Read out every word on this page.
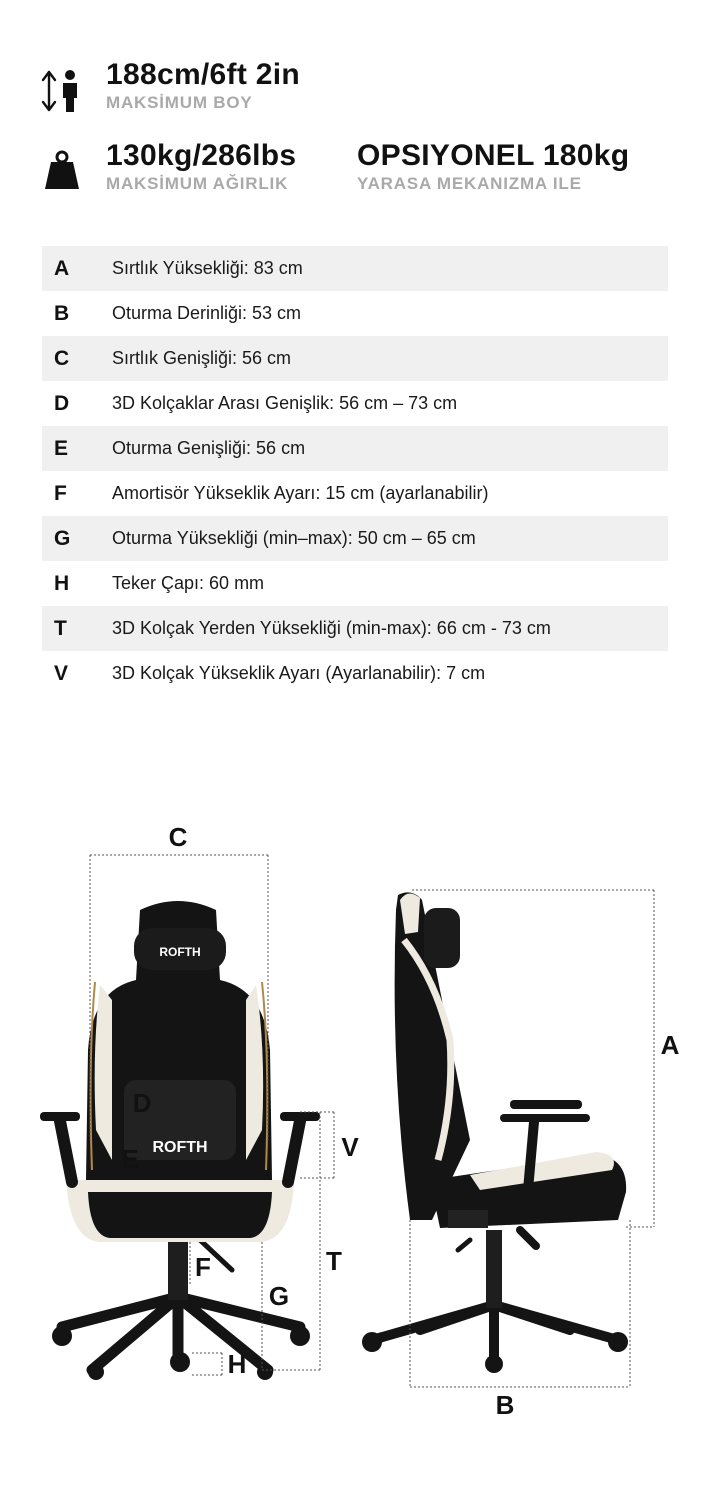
188cm/6ft 2in
MAKSİMUM BOY
130kg/286lbs
MAKSİMUM AĞIRLIK
OPSIYONEL 180kg
YARASA MEKANIZMA ILE
A	Sırtlık Yüksekliği: 83 cm
B	Oturma Derinliği: 53 cm
C	Sırtlık Genişliği: 56 cm
D	3D Kolçaklar Arası Genişlik: 56 cm – 73 cm
E	Oturma Genişliği: 56 cm
F	Amortisör Yükseklik Ayarı: 15 cm (ayarlanabilir)
G	Oturma Yüksekliği (min–max): 50 cm – 65 cm
H	Teker Çapı: 60 mm
T	3D Kolçak Yerden Yüksekliği (min-max): 66 cm - 73 cm
V	3D Kolçak Yükseklik Ayarı (Ayarlanabilir): 7 cm
ROFTH
ROFTH
C
D
E	V
F	T
G
H
A
B
